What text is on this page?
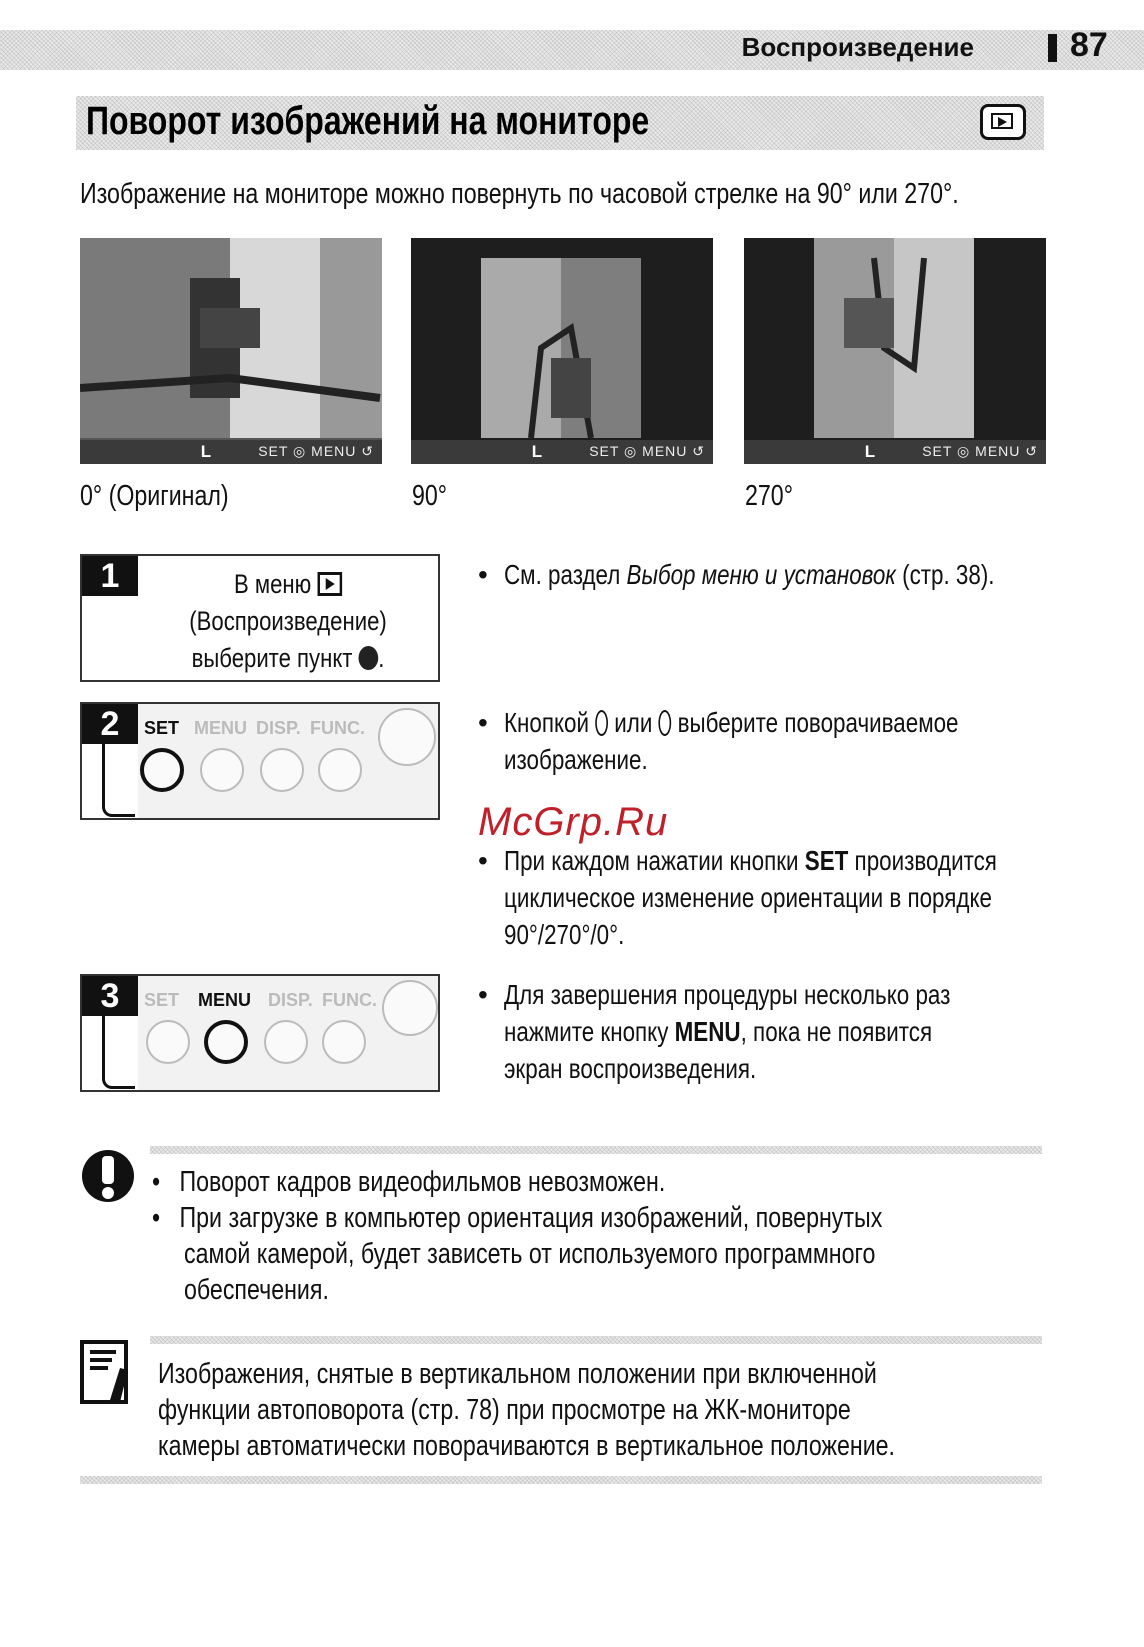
Воспроизведение	87
Поворот изображений на мониторе
Изображение на мониторе можно повернуть по часовой стрелке на 90° или 270°.
L	SET ◎ MENU ↺	L	SET ◎ MENU ↺	L	SET ◎ MENU ↺
0° (Оригинал)	90°	270°
1	В меню
(Воспроизведение)
выберите пункт .
SET MENU DISP. FUNC.
2
SET MENU DISP. FUNC.
3
• См. раздел Выбор меню и установок (стр. 38).
• Кнопкой или выберите поворачиваемое
изображение.
McGrp.Ru
• При каждом нажатии кнопки SET производится
циклическое изменение ориентации в порядке
90°/270°/0°.
• Для завершения процедуры несколько раз
нажмите кнопку MENU, пока не появится
экран воспроизведения.
•   Поворот кадров видеофильмов невозможен.
•   При загрузке в компьютер ориентация изображений, повернутых
самой камерой, будет зависеть от используемого программного
обеспечения.
Изображения, снятые в вертикальном положении при включенной
функции автоповорота (стр. 78) при просмотре на ЖК-мониторе
камеры автоматически поворачиваются в вертикальное положение.
